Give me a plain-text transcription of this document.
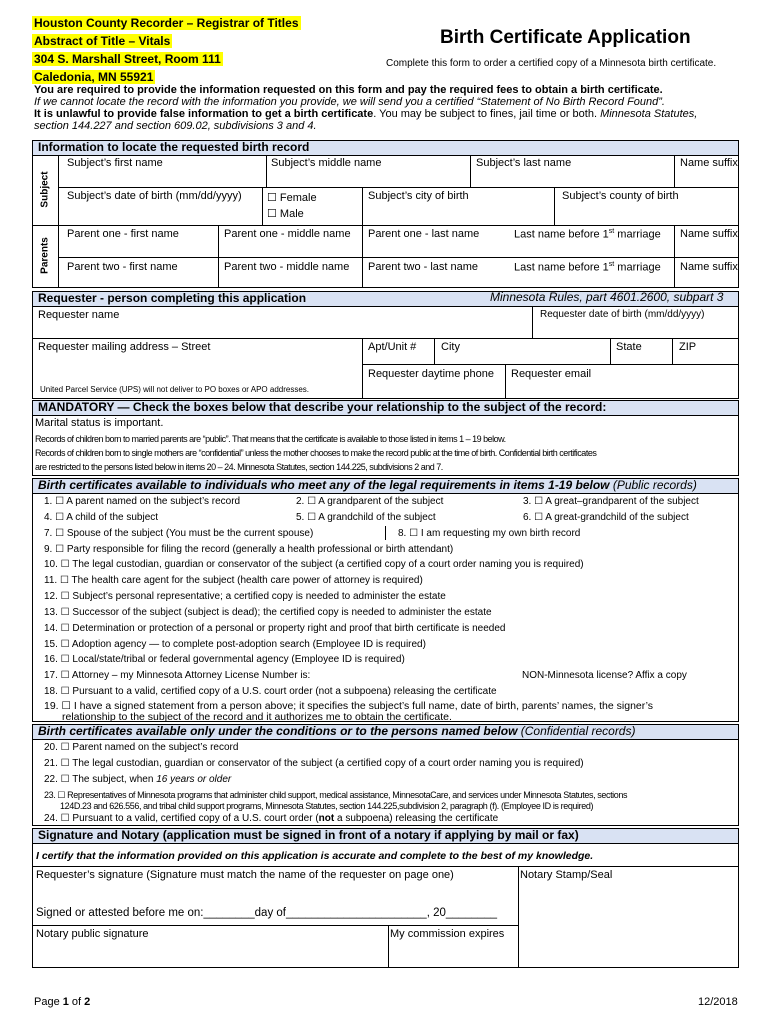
Houston County Recorder – Registrar of Titles
Abstract of Title – Vitals
304 S. Marshall Street, Room 111
Caledonia, MN 55921
Birth Certificate Application
Complete this form to order a certified copy of a Minnesota birth certificate.
You are required to provide the information requested on this form and pay the required fees to obtain a birth certificate.
If we cannot locate the record with the information you provide, we will send you a certified “Statement of No Birth Record Found”.
It is unlawful to provide false information to get a birth certificate. You may be subject to fines, jail time or both. Minnesota Statutes,
section 144.227 and section 609.02, subdivisions 3 and 4.
Information to locate the requested birth record
Subject
Parents
Subject’s first name	Subject’s middle name	Subject’s last name	Name suffix
Subject’s date of birth (mm/dd/yyyy) ☐ Female
☐ Male
Subject’s city of birth	Subject’s county of birth
Parent one - first name	Parent one - middle name Parent one - last name	Last name before 1st marriage Name suffix
Parent two - first name	Parent two - middle name Parent two - last name	Last name before 1st marriage Name suffix
Requester - person completing this application	Minnesota Rules, part 4601.2600, subpart 3
Requester name	Requester date of birth (mm/dd/yyyy)
Requester mailing address – Street	Apt/Unit # City	State	ZIP
Requester daytime phone Requester email
United Parcel Service (UPS) will not deliver to PO boxes or APO addresses.
MANDATORY — Check the boxes below that describe your relationship to the subject of the record:
Marital status is important.
Records of children born to married parents are “public”. That means that the certificate is available to those listed in items 1 – 19 below.
Records of children born to single mothers are “confidential” unless the mother chooses to make the record public at the time of birth. Confidential birth certificates
are restricted to the persons listed below in items 20 – 24. Minnesota Statutes, section 144.225, subdivisions 2 and 7.
Birth certificates available to individuals who meet any of the legal requirements in items 1-19 below (Public records)
1. ☐ A parent named on the subject’s record	2. ☐ A grandparent of the subject	3. ☐ A great–grandparent of the subject
4. ☐ A child of the subject	5. ☐ A grandchild of the subject	6. ☐ A great-grandchild of the subject
7. ☐ Spouse of the subject (You must be the current spouse)	8. ☐ I am requesting my own birth record
9. ☐ Party responsible for filing the record (generally a health professional or birth attendant)
10. ☐ The legal custodian, guardian or conservator of the subject (a certified copy of a court order naming you is required)
11. ☐ The health care agent for the subject (health care power of attorney is required)
12. ☐ Subject’s personal representative; a certified copy is needed to administer the estate
13. ☐ Successor of the subject (subject is dead); the certified copy is needed to administer the estate
14. ☐ Determination or protection of a personal or property right and proof that birth certificate is needed
15. ☐ Adoption agency — to complete post-adoption search (Employee ID is required)
16. ☐ Local/state/tribal or federal governmental agency (Employee ID is required)
17. ☐ Attorney – my Minnesota Attorney License Number is:	NON-Minnesota license? Affix a copy
18. ☐ Pursuant to a valid, certified copy of a U.S. court order (not a subpoena) releasing the certificate
19. ☐ I have a signed statement from a person above; it specifies the subject’s full name, date of birth, parents’ names, the signer’s
relationship to the subject of the record and it authorizes me to obtain the certificate.
Birth certificates available only under the conditions or to the persons named below (Confidential records)
20. ☐ Parent named on the subject’s record
21. ☐ The legal custodian, guardian or conservator of the subject (a certified copy of a court order naming you is required)
22. ☐ The subject, when 16 years or older
23. ☐ Representatives of Minnesota programs that administer child support, medical assistance, MinnesotaCare, and services under Minnesota Statutes, sections
124D.23 and 626.556, and tribal child support programs, Minnesota Statutes, section 144.225,subdivision 2, paragraph (f). (Employee ID is required)
24. ☐ Pursuant to a valid, certified copy of a U.S. court order (not a subpoena) releasing the certificate
Signature and Notary (application must be signed in front of a notary if applying by mail or fax)
I certify that the information provided on this application is accurate and complete to the best of my knowledge.
Requester’s signature (Signature must match the name of the requester on page one)	Notary Stamp/Seal
Signed or attested before me on:________day of______________________, 20________
Notary public signature	My commission expires
Page 1 of 2	12/2018
